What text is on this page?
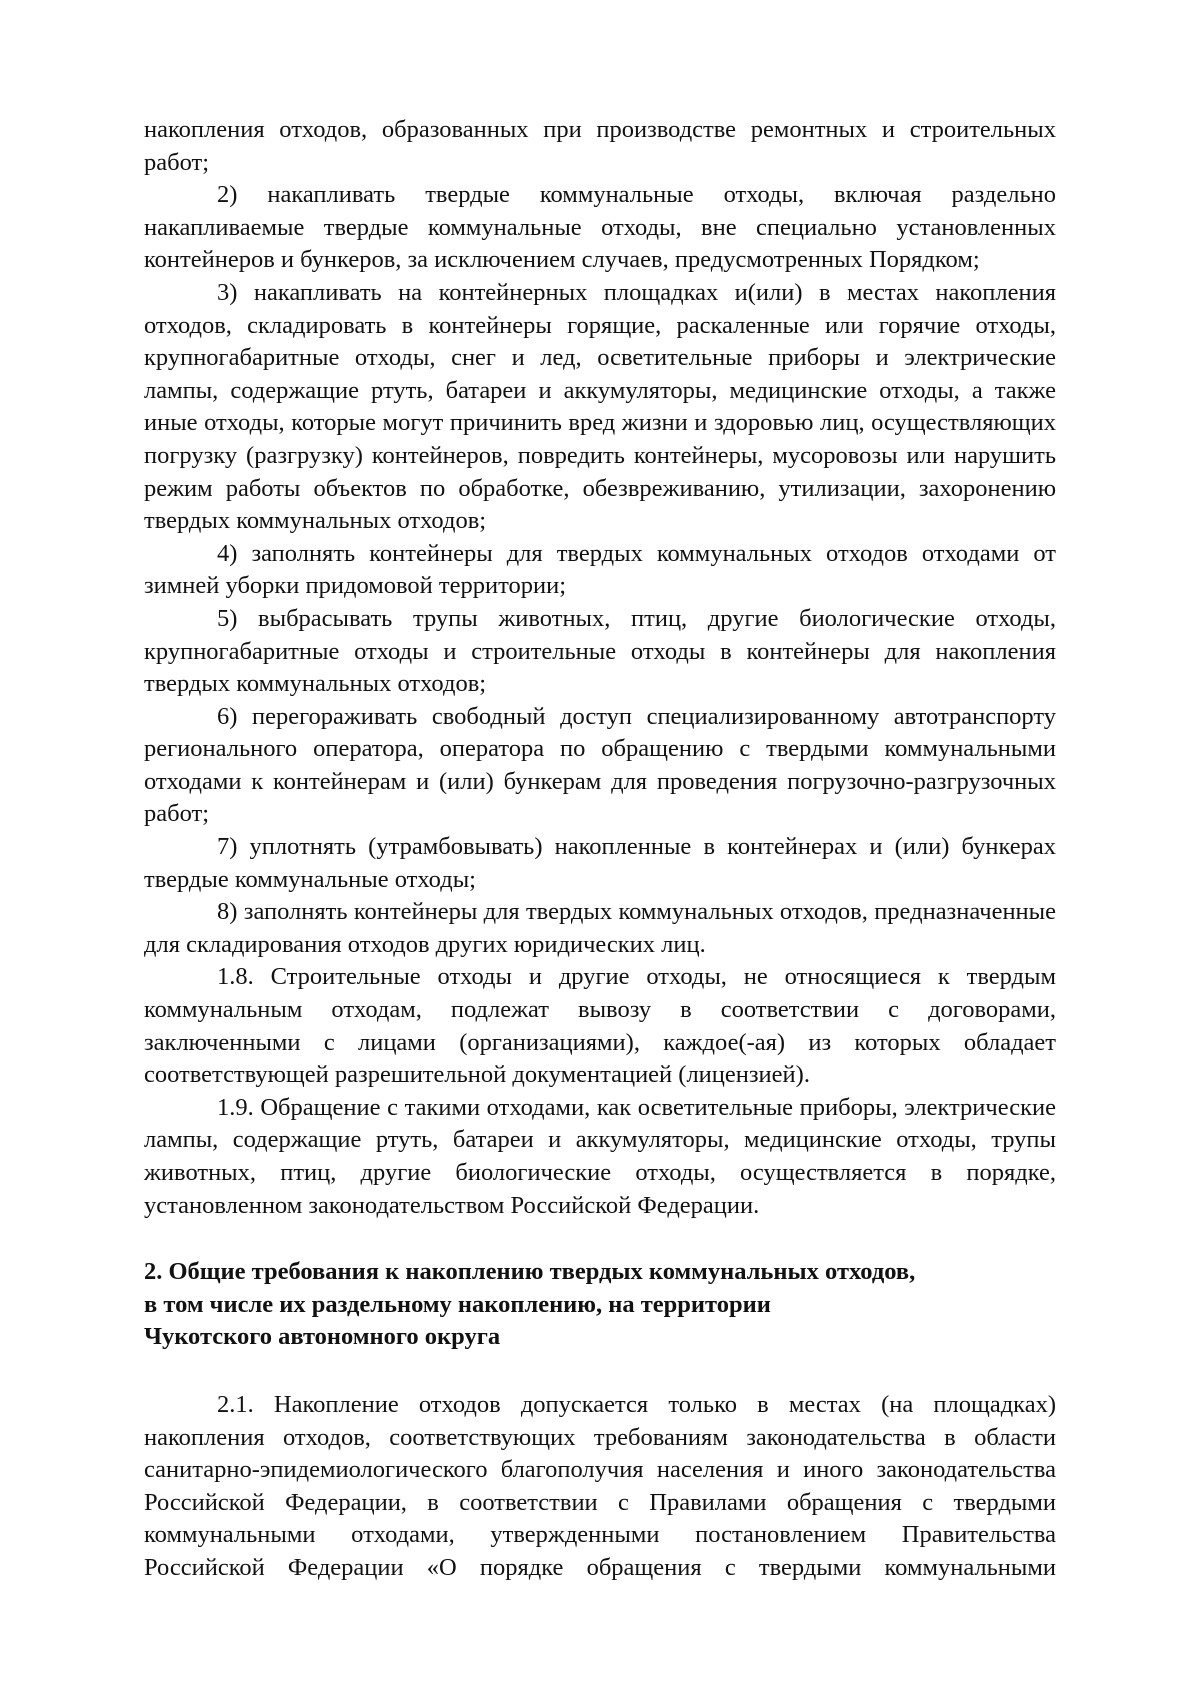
накопления отходов, образованных при производстве ремонтных и строительных работ;

2) накапливать твердые коммунальные отходы, включая раздельно накапливаемые твердые коммунальные отходы, вне специально установленных контейнеров и бункеров, за исключением случаев, предусмотренных Порядком;

3) накапливать на контейнерных площадках и(или) в местах накопления отходов, складировать в контейнеры горящие, раскаленные или горячие отходы, крупногабаритные отходы, снег и лед, осветительные приборы и электрические лампы, содержащие ртуть, батареи и аккумуляторы, медицинские отходы, а также иные отходы, которые могут причинить вред жизни и здоровью лиц, осуществляющих погрузку (разгрузку) контейнеров, повредить контейнеры, мусоровозы или нарушить режим работы объектов по обработке, обезвреживанию, утилизации, захоронению твердых коммунальных отходов;

4) заполнять контейнеры для твердых коммунальных отходов отходами от зимней уборки придомовой территории;

5) выбрасывать трупы животных, птиц, другие биологические отходы, крупногабаритные отходы и строительные отходы в контейнеры для накопления твердых коммунальных отходов;

6) перегораживать свободный доступ специализированному автотранспорту регионального оператора, оператора по обращению с твердыми коммунальными отходами к контейнерам и (или) бункерам для проведения погрузочно-разгрузочных работ;

7) уплотнять (утрамбовывать) накопленные в контейнерах и (или) бункерах твердые коммунальные отходы;

8) заполнять контейнеры для твердых коммунальных отходов, предназначенные для складирования отходов других юридических лиц.

1.8. Строительные отходы и другие отходы, не относящиеся к твердым коммунальным отходам, подлежат вывозу в соответствии с договорами, заключенными с лицами (организациями), каждое(-ая) из которых обладает соответствующей разрешительной документацией (лицензией).

1.9. Обращение с такими отходами, как осветительные приборы, электрические лампы, содержащие ртуть, батареи и аккумуляторы, медицинские отходы, трупы животных, птиц, другие биологические отходы, осуществляется в порядке, установленном законодательством Российской Федерации.

2. Общие требования к накоплению твердых коммунальных отходов,
в том числе их раздельному накоплению, на территории
Чукотского автономного округа

2.1. Накопление отходов допускается только в местах (на площадках) накопления отходов, соответствующих требованиям законодательства в области санитарно-эпидемиологического благополучия населения и иного законодательства Российской Федерации, в соответствии с Правилами обращения с твердыми коммунальными отходами, утвержденными постановлением Правительства Российской Федерации «О порядке обращения с твердыми коммунальными
